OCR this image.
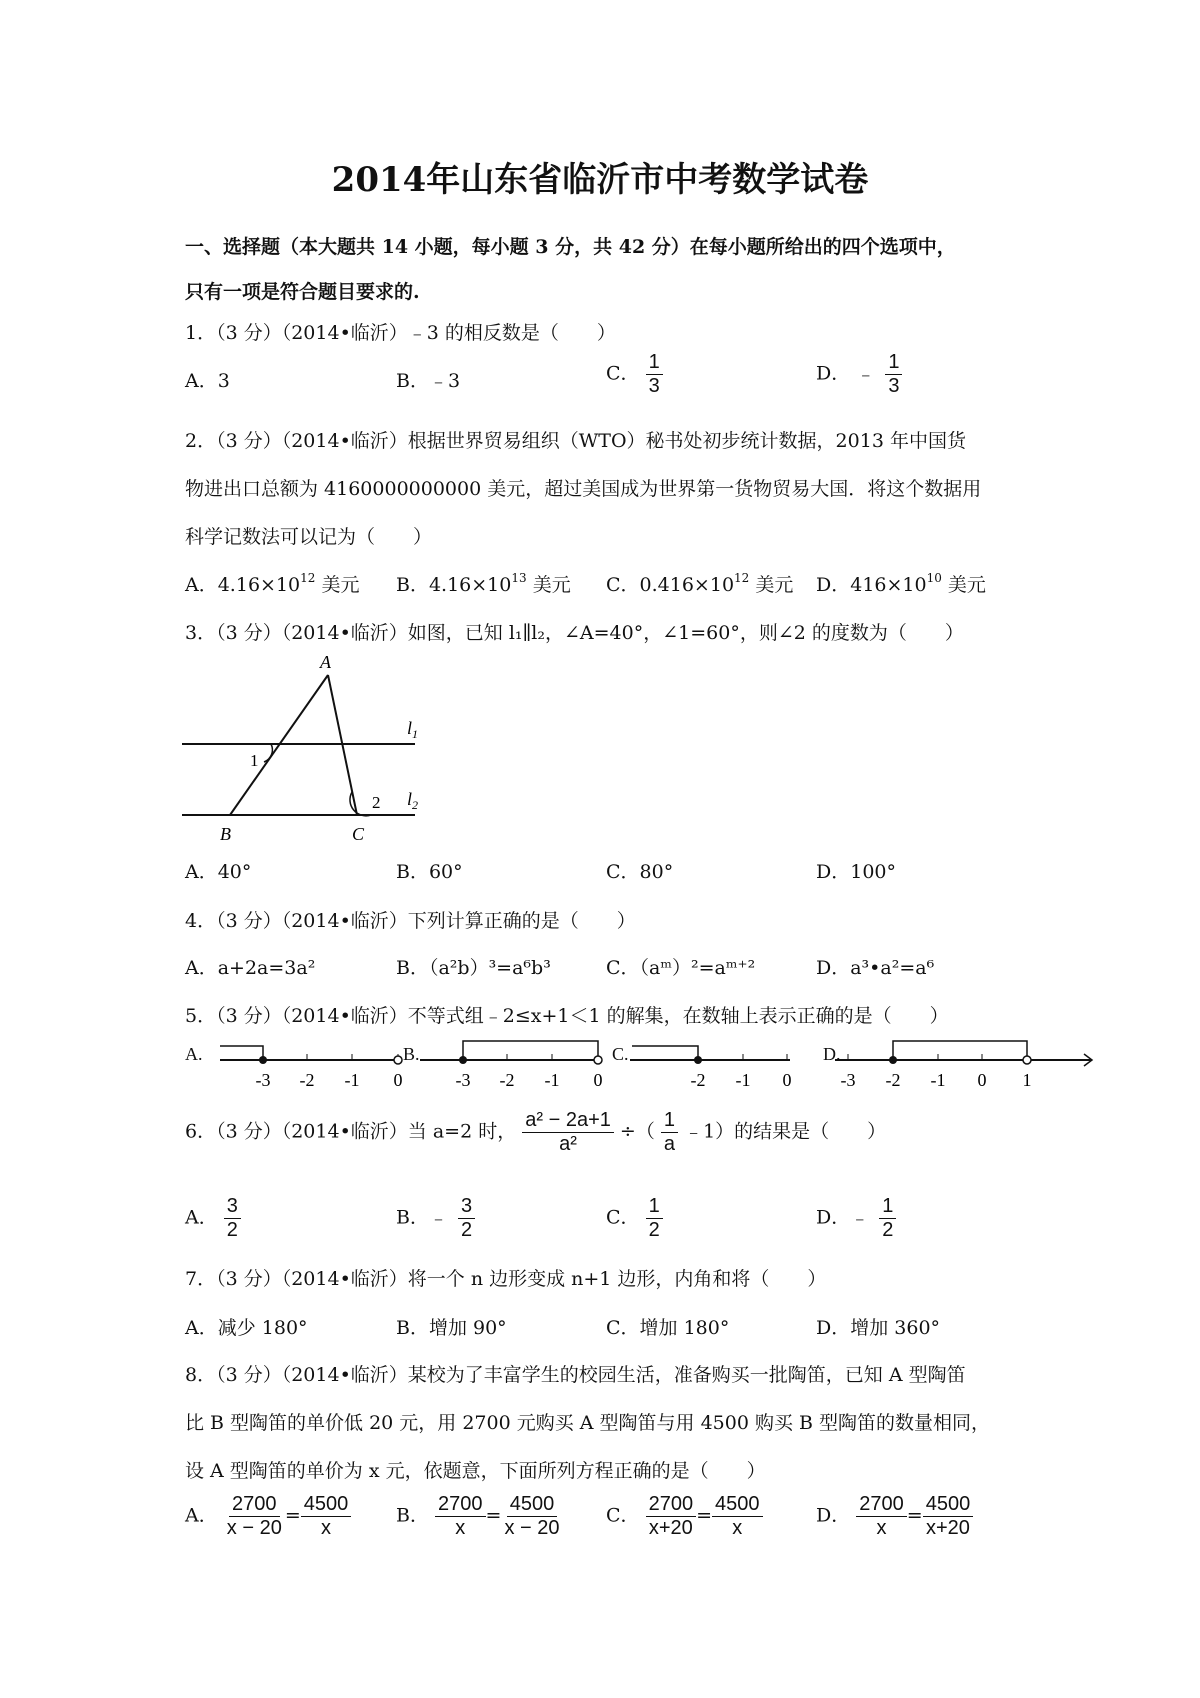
2014年山东省临沂市中考数学试卷
一、选择题（本大题共 14 小题，每小题 3 分，共 42 分）在每小题所给出的四个选项中，
只有一项是符合题目要求的.
1．（3 分）（2014•临沂）﹣3 的相反数是（　　）
A．3	B．﹣3	C． $\frac{1}{3}$	D． ﹣ $\frac{1}{3}$
2．（3 分）（2014•临沂）根据世界贸易组织（WTO）秘书处初步统计数据，2013 年中国货
物进出口总额为 4160000000000 美元，超过美国成为世界第一货物贸易大国．将这个数据用
科学记数法可以记为（　　）
A．$4.16\times 10^{12}$ 美元 B．$4.16\times 10^{13}$ 美元 C．$0.416\times 10^{12}$ 美元 D．$416\times 10^{10}$ 美元
3．（3 分）（2014•临沂）如图，已知 l₁∥l₂，∠A=40°，∠1=60°，则∠2 的度数为（　　）
A
B	C
1
2
$l_1$
$l_2$
A．40°	B．60°	C．80°	D．100°
4．（3 分）（2014•临沂）下列计算正确的是（　　）
A．a+2a=3a²	B．（a²b）³=a⁶b³	C．（aᵐ）²=aᵐ⁺²	D．a³•a²=a⁶
5．（3 分）（2014•临沂）不等式组﹣2≤x+1＜1 的解集，在数轴上表示正确的是（　　）
A.	B.	C.	D.
-3 -2 -1 0	-3 -2 -1 0	-2 -1 0	-3 -2 -1 0 1
6．（3 分）（2014•临沂）当 a=2 时， $\frac{\text{a² − 2a+1}}{\text{a²}}$ ÷（ $\frac{1}{a}$ ﹣1）的结果是（　　）
A． $\frac{3}{2}$	B．﹣ $\frac{3}{2}$	C． $\frac{1}{2}$	D．﹣ $\frac{1}{2}$
7．（3 分）（2014•临沂）将一个 n 边形变成 n+1 边形，内角和将（　　）
A．减少 180°	B．增加 90°	C．增加 180°	D．增加 360°
8．（3 分）（2014•临沂）某校为了丰富学生的校园生活，准备购买一批陶笛，已知 A 型陶笛
比 B 型陶笛的单价低 20 元，用 2700 元购买 A 型陶笛与用 4500 购买 B 型陶笛的数量相同，
设 A 型陶笛的单价为 x 元，依题意，下面所列方程正确的是（　　）
A． $\frac{2700}{x - 20} = \frac{4500}{x}$ B． $\frac{2700}{x} = \frac{4500}{x - 20}$ C． $\frac{2700}{x+20} = \frac{4500}{x}$	D． $\frac{2700}{x} = \frac{4500}{x+20}$
